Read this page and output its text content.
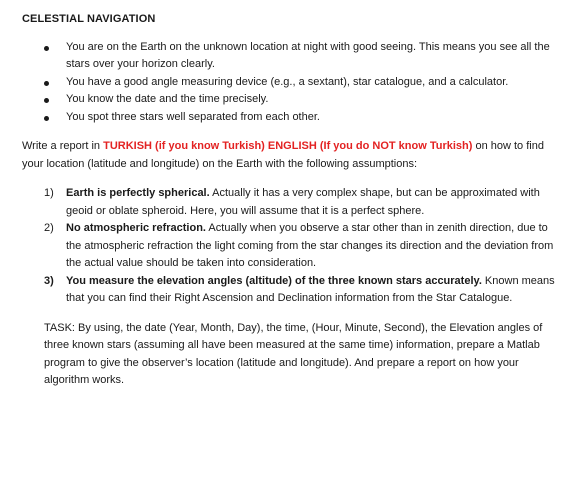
CELESTIAL NAVIGATION
You are on the Earth on the unknown location at night with good seeing. This means you see all the stars over your horizon clearly.
You have a good angle measuring device (e.g., a sextant), star catalogue, and a calculator.
You know the date and the time precisely.
You spot three stars well separated from each other.

Write a report in TURKISH (if you know Turkish) ENGLISH (If you do NOT know Turkish) on how to find your location (latitude and longitude) on the Earth with the following assumptions:

1) Earth is perfectly spherical. Actually it has a very complex shape, but can be approximated with geoid or oblate spheroid. Here, you will assume that it is a perfect sphere.
2) No atmospheric refraction. Actually when you observe a star other than in zenith direction, due to the atmospheric refraction the light coming from the star changes its direction and the deviation from the actual value should be taken into consideration.
3) You measure the elevation angles (altitude) of the three known stars accurately. Known means that you can find their Right Ascension and Declination information from the Star Catalogue.

TASK: By using, the date (Year, Month, Day), the time, (Hour, Minute, Second), the Elevation angles of three known stars (assuming all have been measured at the same time) information, prepare a Matlab program to give the observer’s location (latitude and longitude). And prepare a report on how your algorithm works.
